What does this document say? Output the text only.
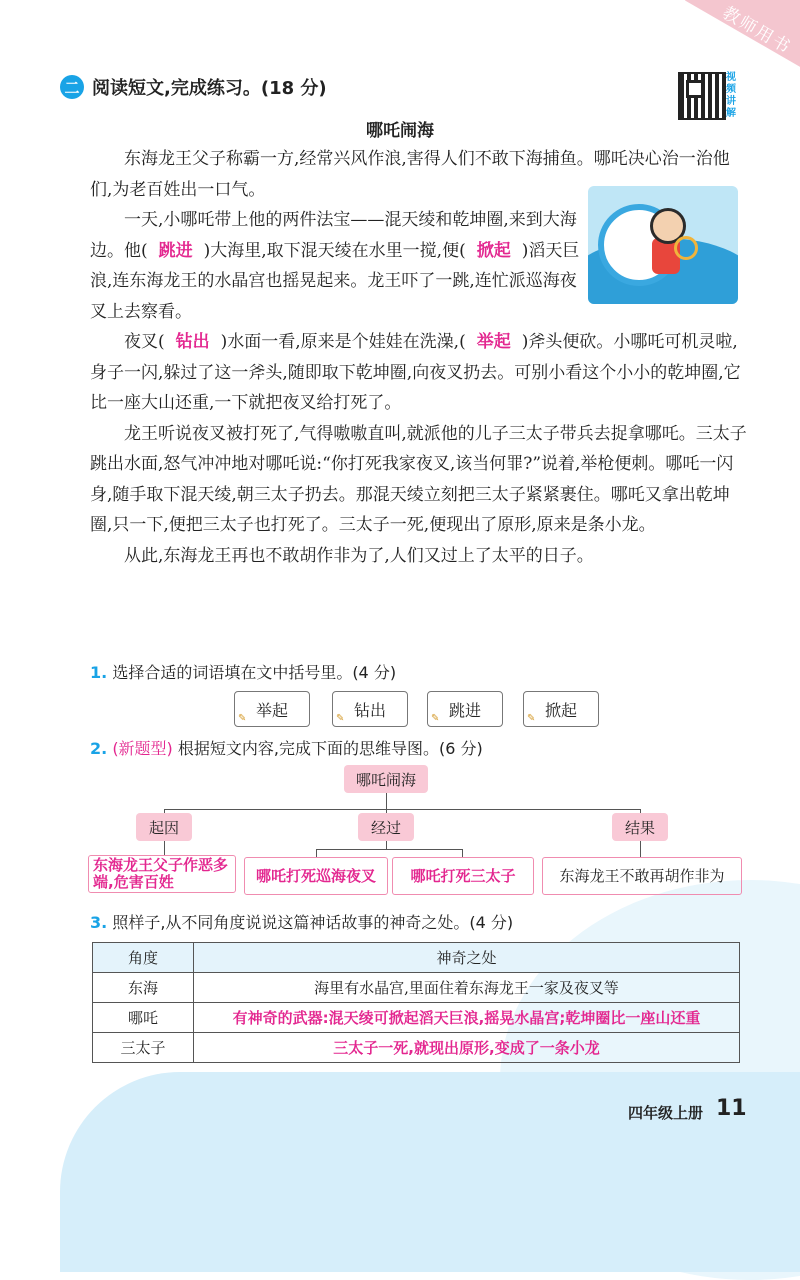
教师用书
二 阅读短文,完成练习。(18 分)
视频讲解
哪吒闹海

东海龙王父子称霸一方,经常兴风作浪,害得人们不敢下海捕鱼。哪吒决心治一治他们,为老百姓出一口气。

一天,小哪吒带上他的两件法宝——混天绫和乾坤圈,来到大海边。他( 跳进 )大海里,取下混天绫在水里一搅,便( 掀起 )滔天巨浪,连东海龙王的水晶宫也摇晃起来。龙王吓了一跳,连忙派巡海夜叉上去察看。

夜叉( 钻出 )水面一看,原来是个娃娃在洗澡,( 举起 )斧头便砍。小哪吒可机灵啦,身子一闪,躲过了这一斧头,随即取下乾坤圈,向夜叉扔去。可别小看这个小小的乾坤圈,它比一座大山还重,一下就把夜叉给打死了。

龙王听说夜叉被打死了,气得嗷嗷直叫,就派他的儿子三太子带兵去捉拿哪吒。三太子跳出水面,怒气冲冲地对哪吒说:“你打死我家夜叉,该当何罪?”说着,举枪便刺。哪吒一闪身,随手取下混天绫,朝三太子扔去。那混天绫立刻把三太子紧紧裹住。哪吒又拿出乾坤圈,只一下,便把三太子也打死了。三太子一死,便现出了原形,原来是条小龙。

从此,东海龙王再也不敢胡作非为了,人们又过上了太平的日子。

1. 选择合适的词语填在文中括号里。(4 分)
✎ 举起	✎ 钻出	✎ 跳进	✎ 掀起
2. (新题型) 根据短文内容,完成下面的思维导图。(6 分)
哪吒闹海
起因	经过	结果
东海龙王父子作恶多端,危害百姓	哪吒打死巡海夜叉	哪吒打死三太子	东海龙王不敢再胡作非为
3. 照样子,从不同角度说说这篇神话故事的神奇之处。(4 分)
角度	神奇之处
东海	海里有水晶宫,里面住着东海龙王一家及夜叉等
哪吒	有神奇的武器:混天绫可掀起滔天巨浪,摇晃水晶宫;乾坤圈比一座山还重
三太子	三太子一死,就现出原形,变成了一条小龙
四年级上册 11
